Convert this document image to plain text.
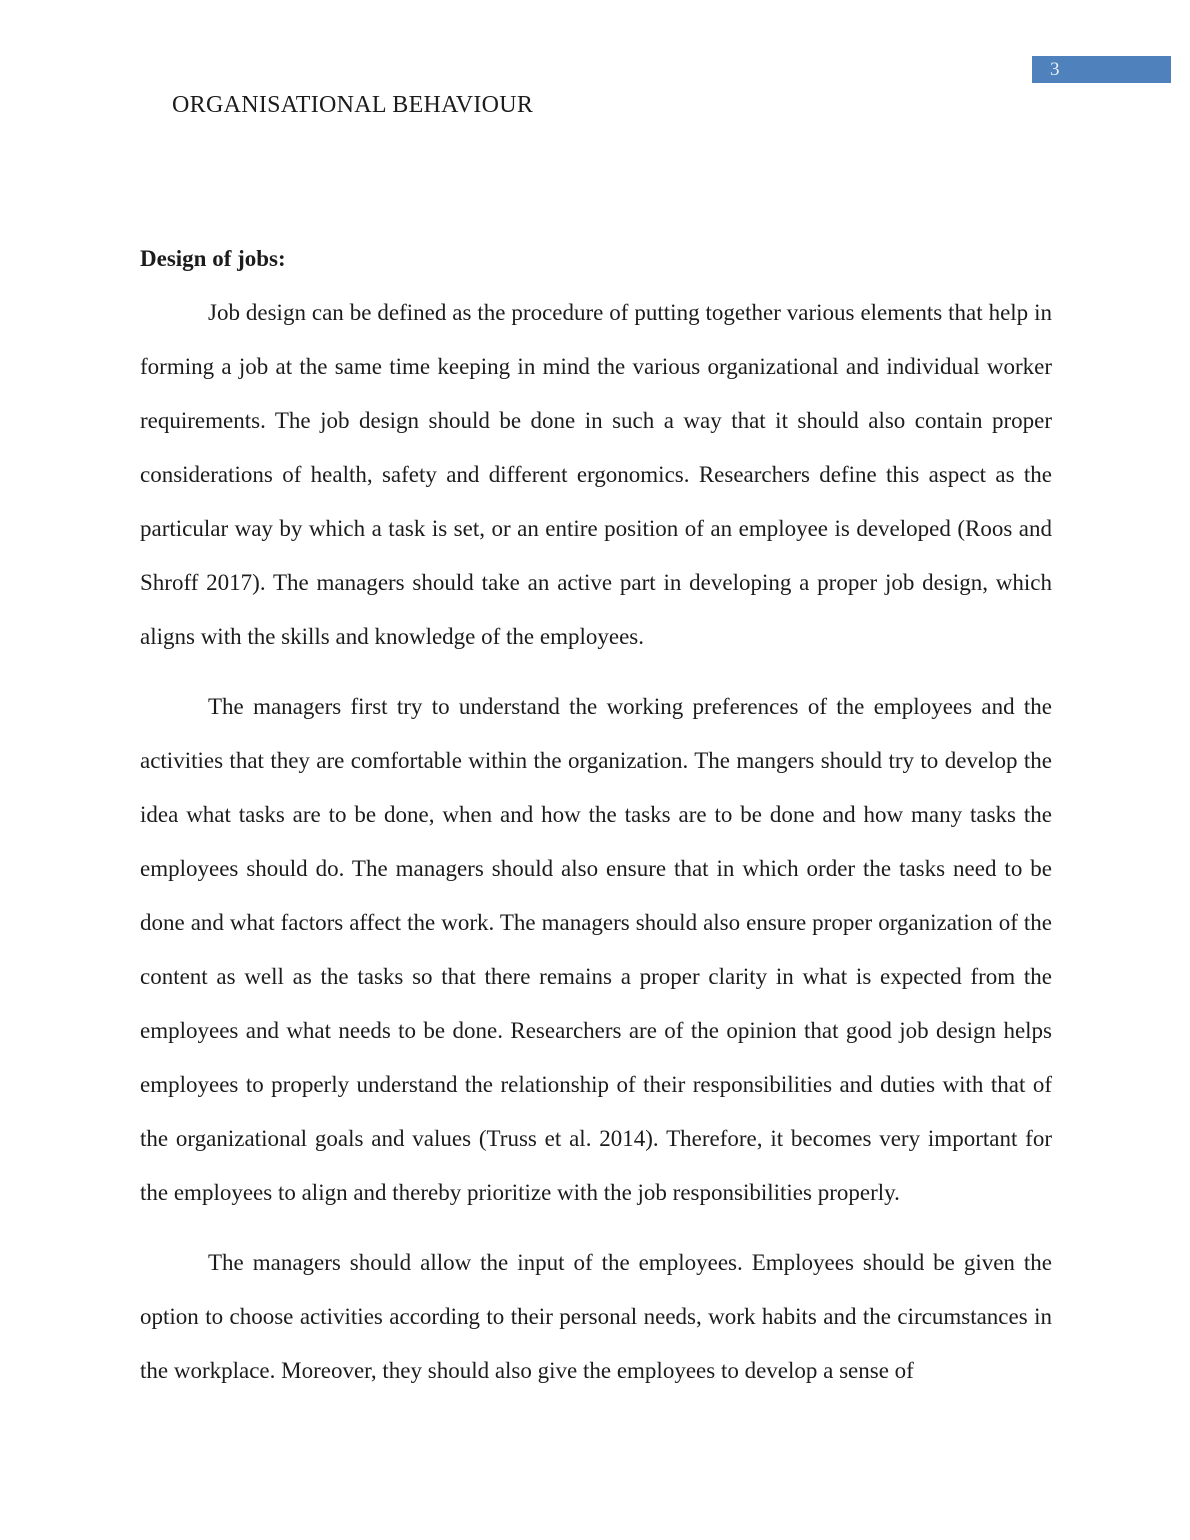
3
ORGANISATIONAL BEHAVIOUR
Design of jobs:

Job design can be defined as the procedure of putting together various elements that help in forming a job at the same time keeping in mind the various organizational and individual worker requirements. The job design should be done in such a way that it should also contain proper considerations of health, safety and different ergonomics. Researchers define this aspect as the particular way by which a task is set, or an entire position of an employee is developed (Roos and Shroff 2017). The managers should take an active part in developing a proper job design, which aligns with the skills and knowledge of the employees.

The managers first try to understand the working preferences of the employees and the activities that they are comfortable within the organization. The mangers should try to develop the idea what tasks are to be done, when and how the tasks are to be done and how many tasks the employees should do. The managers should also ensure that in which order the tasks need to be done and what factors affect the work. The managers should also ensure proper organization of the content as well as the tasks so that there remains a proper clarity in what is expected from the employees and what needs to be done. Researchers are of the opinion that good job design helps employees to properly understand the relationship of their responsibilities and duties with that of the organizational goals and values (Truss et al. 2014). Therefore, it becomes very important for the employees to align and thereby prioritize with the job responsibilities properly.

The managers should allow the input of the employees. Employees should be given the option to choose activities according to their personal needs, work habits and the circumstances in the workplace. Moreover, they should also give the employees to develop a sense of
